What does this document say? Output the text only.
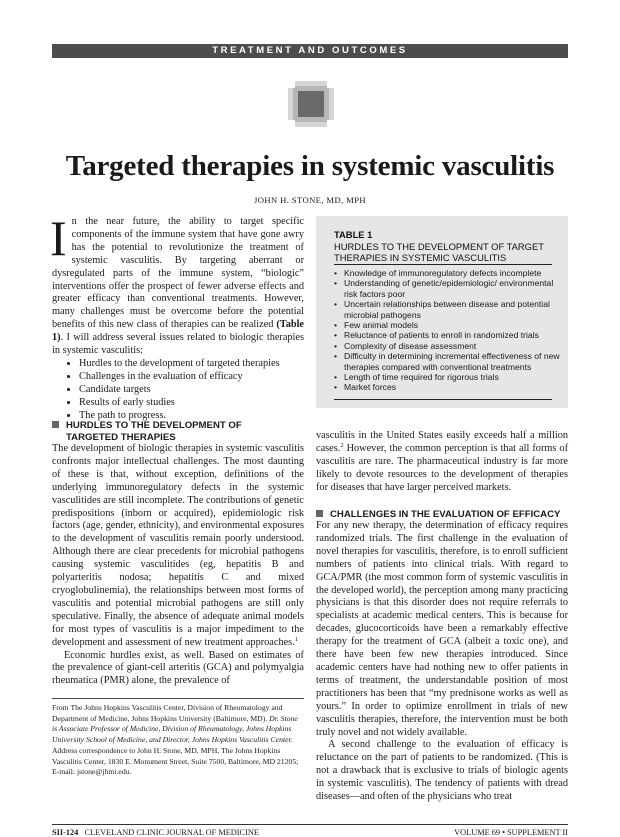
TREATMENT AND OUTCOMES
Targeted therapies in systemic vasculitis
JOHN H. STONE, MD, MPH

In the near future, the ability to target specific components of the immune system that have gone awry has the potential to revolutionize the treatment of systemic vasculitis. By targeting aberrant or dysregulated parts of the immune system, “biologic” interventions offer the prospect of fewer adverse effects and greater efficacy than conventional treatments. However, many challenges must be overcome before the potential benefits of this new class of therapies can be realized (Table 1). I will address several issues related to biologic therapies in systemic vasculitis:

• Hurdles to the development of targeted therapies
• Challenges in the evaluation of efficacy
• Candidate targets
• Results of early studies
• The path to progress.
HURDLES TO THE DEVELOPMENT OF
TARGETED THERAPIES

The development of biologic therapies in systemic vasculitis confronts major intellectual challenges. The most daunting of these is that, without exception, definitions of the underlying immunoregulatory defects in the systemic vasculitides are still incomplete. The contributions of genetic predispositions (inborn or acquired), epidemiologic risk factors (age, gender, ethnicity), and environmental exposures to the development of vasculitis remain poorly understood. Although there are clear precedents for microbial pathogens causing systemic vasculitides (eg, hepatitis B and polyarteritis nodosa; hepatitis C and mixed cryoglobulinemia), the relationships between most forms of vasculitis and potential microbial pathogens are still only speculative. Finally, the absence of adequate animal models for most types of vasculitis is a major impediment to the development and assessment of new treatment approaches.$^1$

Economic hurdles exist, as well. Based on estimates of the prevalence of giant-cell arteritis (GCA) and polymyalgia rheumatica (PMR) alone, the prevalence of

TABLE 1
HURDLES TO THE DEVELOPMENT OF TARGET THERAPIES IN SYSTEMIC VASCULITIS
• Knowledge of immunoregulatory defects incomplete
• Understanding of genetic/epidemiologic/ environmental risk factors poor
• Uncertain relationships between disease and potential microbial pathogens
• Few animal models
• Reluctance of patients to enroll in randomized trials
• Complexity of disease assessment
• Difficulty in determining incremental effectiveness of new therapies compared with conventional treatments
• Length of time required for rigorous trials
• Market forces

vasculitis in the United States easily exceeds half a million cases.$^2$ However, the common perception is that all forms of vasculitis are rare. The pharmaceutical industry is far more likely to devote resources to the development of therapies for diseases that have larger perceived markets.

CHALLENGES IN THE EVALUATION OF EFFICACY

For any new therapy, the determination of efficacy requires randomized trials. The first challenge in the evaluation of novel therapies for vasculitis, therefore, is to enroll sufficient numbers of patients into clinical trials. With regard to GCA/PMR (the most common form of systemic vasculitis in the developed world), the perception among many practicing physicians is that this disorder does not require referrals to specialists at academic medical centers. This is because for decades, glucocorticoids have been a remarkably effective therapy for the treatment of GCA (albeit a toxic one), and there have been few new therapies introduced. Since academic centers have had nothing new to offer patients in terms of treatment, the understandable position of most practitioners has been that “my prednisone works as well as yours.” In order to optimize enrollment in trials of new vasculitis therapies, therefore, the intervention must be both truly novel and not widely available.

A second challenge to the evaluation of efficacy is reluctance on the part of patients to be randomized. (This is not a drawback that is exclusive to trials of biologic agents in systemic vasculitis). The tendency of patients with dread diseases—and often of the physicians who treat

From The Johns Hopkins Vasculitis Center, Division of Rheumatology and Department of Medicine, Johns Hopkins University (Baltimore, MD). Dr. Stone is Associate Professor of Medicine, Division of Rheumatology, Johns Hopkins University School of Medicine, and Director, Johns Hopkins Vasculitis Center.

Address correspondence to John H. Stone, MD, MPH, The Johns Hopkins Vasculitis Center, 1830 E. Monument Street, Suite 7500, Baltimore, MD 21205; E-mail: jstone@jhmi.edu.

SII-124 CLEVELAND CLINIC JOURNAL OF MEDICINE	VOLUME 69 • SUPPLEMENT II
